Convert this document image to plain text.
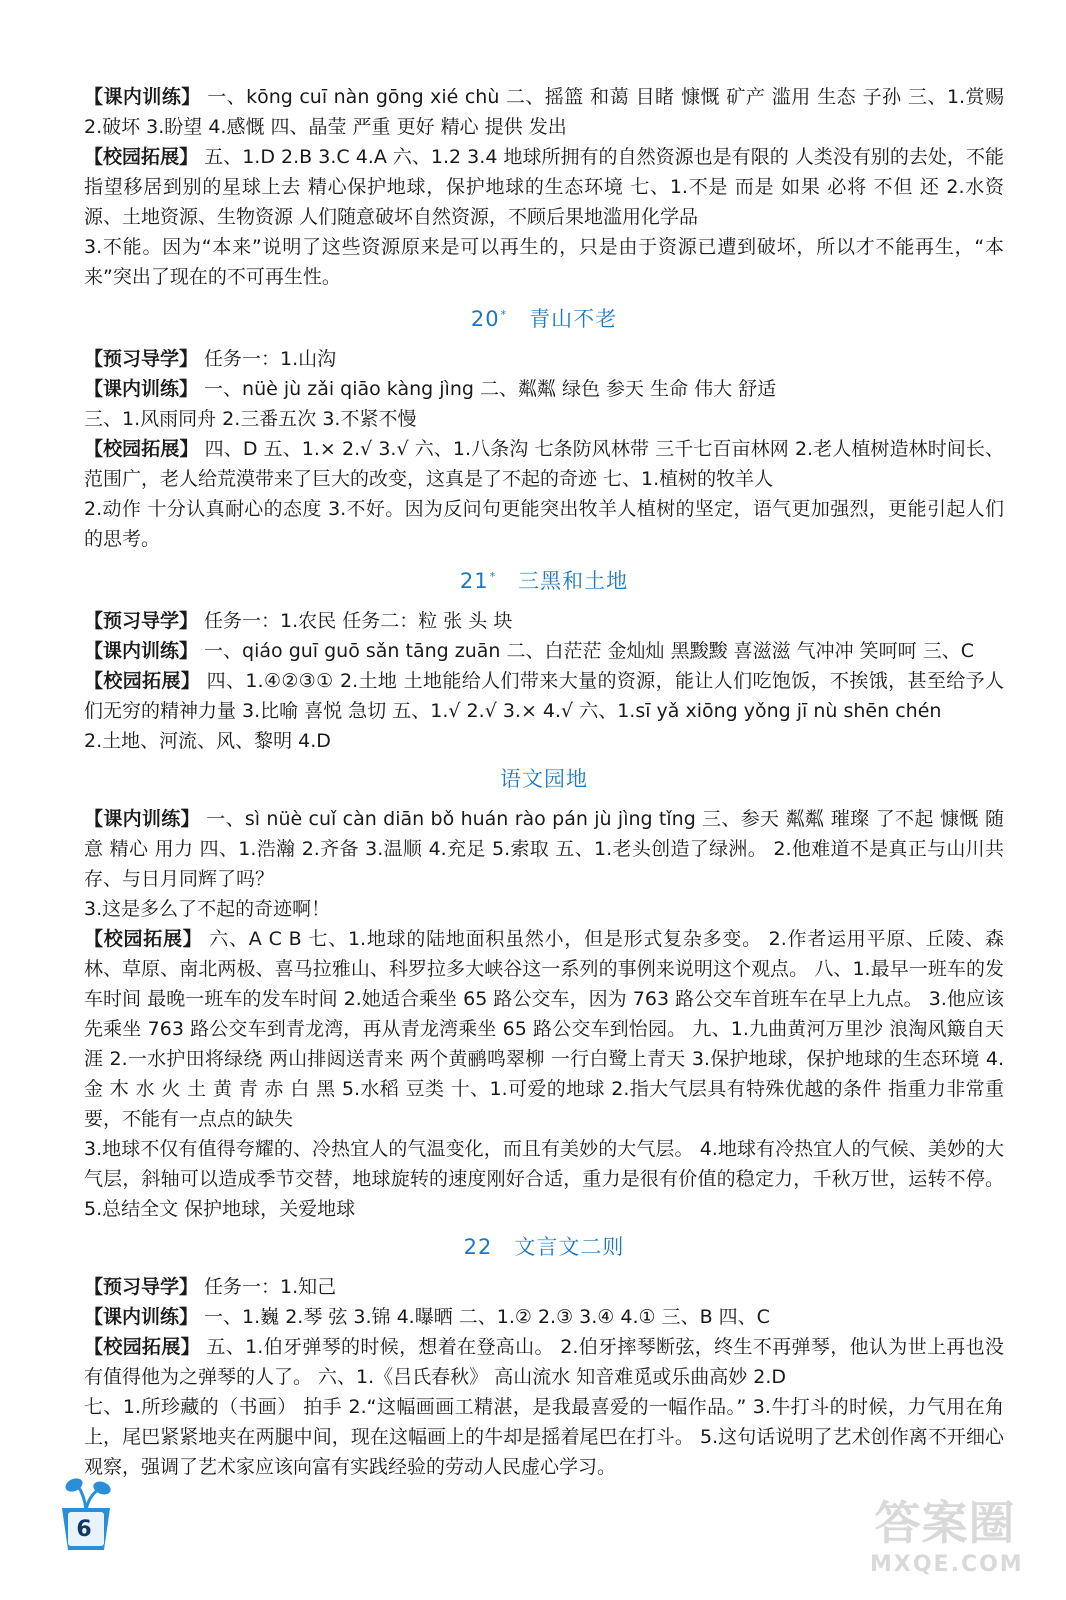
【课内训练】 一、kōng cuī nàn gōng xié chù 二、摇篮 和蔼 目睹 慷慨 矿产 滥用 生态 子孙 三、1.赏赐 2.破坏 3.盼望 4.感慨 四、晶莹 严重 更好 精心 提供 发出

【校园拓展】 五、1.D 2.B 3.C 4.A 六、1.2 3.4 地球所拥有的自然资源也是有限的 人类没有别的去处，不能指望移居到别的星球上去 精心保护地球，保护地球的生态环境 七、1.不是 而是 如果 必将 不但 还 2.水资源、土地资源、生物资源 人们随意破坏自然资源，不顾后果地滥用化学品

3.不能。因为“本来”说明了这些资源原来是可以再生的，只是由于资源已遭到破坏，所以才不能再生，“本来”突出了现在的不可再生性。

20* 青山不老

【预习导学】 任务一：1.山沟

【课内训练】 一、nüè jù zǎi qiāo kàng jìng 二、粼粼 绿色 参天 生命 伟大 舒适

三、1.风雨同舟 2.三番五次 3.不紧不慢

【校园拓展】 四、D 五、1.× 2.√ 3.√ 六、1.八条沟 七条防风林带 三千七百亩林网 2.老人植树造林时间长、范围广，老人给荒漠带来了巨大的改变，这真是了不起的奇迹 七、1.植树的牧羊人

2.动作 十分认真耐心的态度 3.不好。因为反问句更能突出牧羊人植树的坚定，语气更加强烈，更能引起人们的思考。

21* 三黑和土地

【预习导学】 任务一：1.农民 任务二：粒 张 头 块

【课内训练】 一、qiáo guī guō sǎn tāng zuān 二、白茫茫 金灿灿 黑黢黢 喜滋滋 气冲冲 笑呵呵 三、C

【校园拓展】 四、1.④②③① 2.土地 土地能给人们带来大量的资源，能让人们吃饱饭，不挨饿，甚至给予人们无穷的精神力量 3.比喻 喜悦 急切 五、1.√ 2.√ 3.× 4.√ 六、1.sī yǎ xiōng yǒng jī nù shēn chén

2.土地、河流、风、黎明 4.D

语文园地

【课内训练】 一、sì nüè cuǐ càn diān bǒ huán rào pán jù jìng tǐng 三、参天 粼粼 璀璨 了不起 慷慨 随意 精心 用力 四、1.浩瀚 2.齐备 3.温顺 4.充足 5.索取 五、1.老头创造了绿洲。 2.他难道不是真正与山川共存、与日月同辉了吗？

3.这是多么了不起的奇迹啊！

【校园拓展】 六、A C B 七、1.地球的陆地面积虽然小，但是形式复杂多变。 2.作者运用平原、丘陵、森林、草原、南北两极、喜马拉雅山、科罗拉多大峡谷这一系列的事例来说明这个观点。 八、1.最早一班车的发车时间 最晚一班车的发车时间 2.她适合乘坐 65 路公交车，因为 763 路公交车首班车在早上九点。 3.他应该先乘坐 763 路公交车到青龙湾，再从青龙湾乘坐 65 路公交车到怡园。 九、1.九曲黄河万里沙 浪淘风簸自天涯 2.一水护田将绿绕 两山排闼送青来 两个黄鹂鸣翠柳 一行白鹭上青天 3.保护地球，保护地球的生态环境 4.金 木 水 火 土 黄 青 赤 白 黑 5.水稻 豆类 十、1.可爱的地球 2.指大气层具有特殊优越的条件 指重力非常重要，不能有一点点的缺失

3.地球不仅有值得夸耀的、冷热宜人的气温变化，而且有美妙的大气层。 4.地球有冷热宜人的气候、美妙的大气层，斜轴可以造成季节交替，地球旋转的速度刚好合适，重力是很有价值的稳定力，千秋万世，运转不停。 5.总结全文 保护地球，关爱地球

22 文言文二则

【预习导学】 任务一：1.知己

【课内训练】 一、1.巍 2.琴 弦 3.锦 4.曝晒 二、1.② 2.③ 3.④ 4.① 三、B 四、C

【校园拓展】 五、1.伯牙弹琴的时候，想着在登高山。 2.伯牙摔琴断弦，终生不再弹琴，他认为世上再也没有值得他为之弹琴的人了。 六、1.《吕氏春秋》 高山流水 知音难觅或乐曲高妙 2.D

七、1.所珍藏的（书画） 拍手 2.“这幅画画工精湛，是我最喜爱的一幅作品。” 3.牛打斗的时候，力气用在角上，尾巴紧紧地夹在两腿中间，现在这幅画上的牛却是摇着尾巴在打斗。 5.这句话说明了艺术创作离不开细心观察，强调了艺术家应该向富有实践经验的劳动人民虚心学习。

6	答案圈
MXQE.COM
